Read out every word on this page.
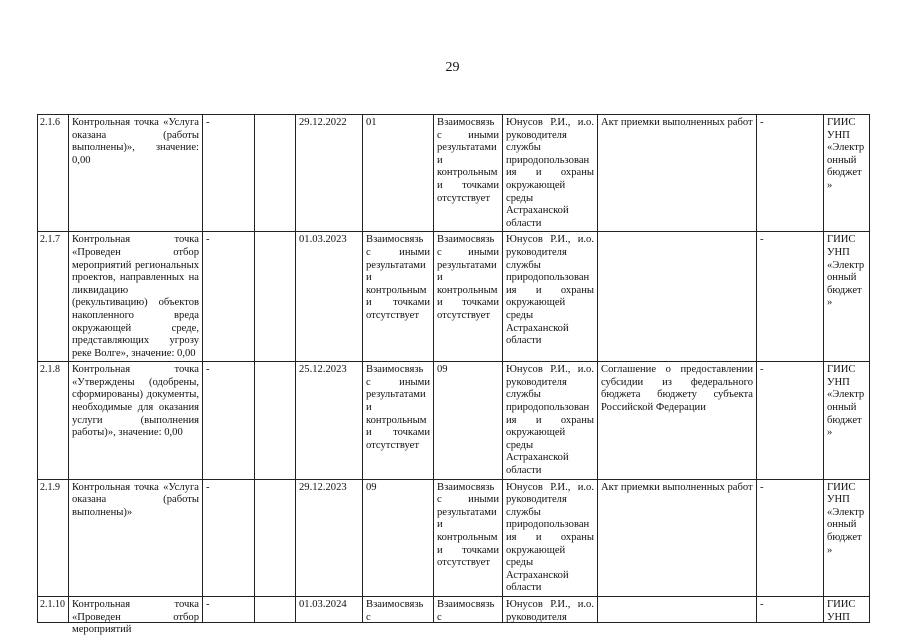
29
2.1.6	Контрольная точка «Услуга оказана (работы выполнены)», значение: 0,00	-		29.12.2022	01	Взаимосвязь с иными результатами и контрольными точками отсутствует	Юнусов Р.И., и.о. руководителя службы природопользования и охраны окружающей среды Астраханской области	Акт приемки выполненных работ	-	ГИИС УНП «Электронный бюджет»
2.1.7	Контрольная точка «Проведен отбор мероприятий региональных проектов, направленных на ликвидацию (рекультивацию) объектов накопленного вреда окружающей среде, представляющих угрозу реке Волге», значение: 0,00	-		01.03.2023	Взаимосвязь с иными результатами и контрольными точками отсутствует	Взаимосвязь с иными результатами и контрольными точками отсутствует	Юнусов Р.И., и.о. руководителя службы природопользования и охраны окружающей среды Астраханской области		-	ГИИС УНП «Электронный бюджет»
2.1.8	Контрольная точка «Утверждены (одобрены, сформированы) документы, необходимые для оказания услуги (выполнения работы)», значение: 0,00	-		25.12.2023	Взаимосвязь с иными результатами и контрольными точками отсутствует	09	Юнусов Р.И., и.о. руководителя службы природопользования и охраны окружающей среды Астраханской области	Соглашение о предоставлении субсидии из федерального бюджета бюджету субъекта Российской Федерации	-	ГИИС УНП «Электронный бюджет»
2.1.9	Контрольная точка «Услуга оказана (работы выполнены)»	-		29.12.2023	09	Взаимосвязь с иными результатами и контрольными точками отсутствует	Юнусов Р.И., и.о. руководителя службы природопользования и охраны окружающей среды Астраханской области	Акт приемки выполненных работ	-	ГИИС УНП «Электронный бюджет»

2.1.10	Контрольная точка «Проведен отбор мероприятий	-		01.03.2024	Взаимосвязь с	Взаимосвязь с	Юнусов Р.И., и.о. руководителя		-	ГИИС УНП
